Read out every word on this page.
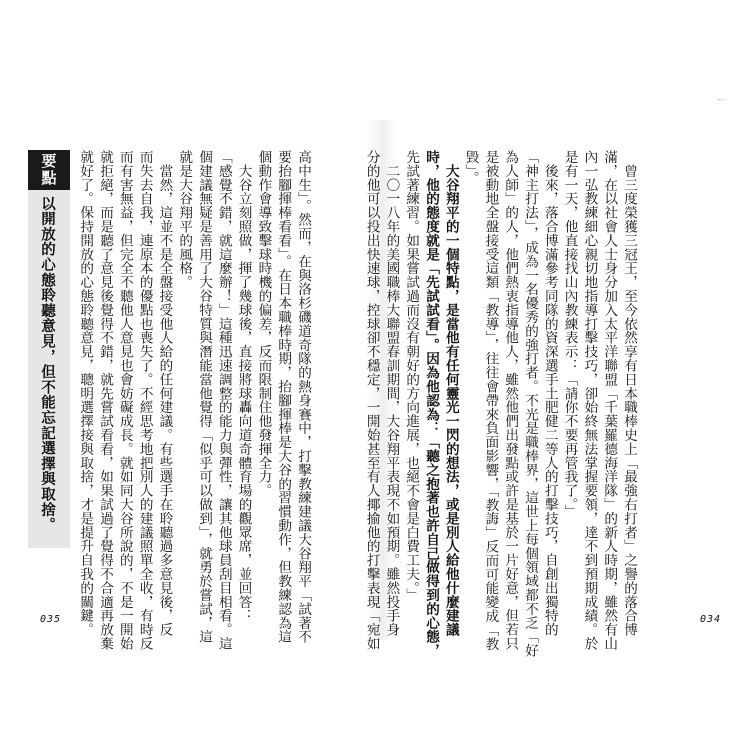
..

　曾三度榮獲三冠王，至今依然享有日本職棒史上「最強右打者」之譽的落合博

滿，在以社會人士身分加入太平洋聯盟「千葉羅德海洋隊」的新人時期，雖然有山

內一弘教練細心親切地指導打擊技巧，卻始終無法掌握要領，達不到預期成績。於

是有一天，他直接找山內教練表示：「請你不要再管我了。」

　後來，落合博滿參考同隊的資深選手土肥健二等人的打擊技巧，自創出獨特的

「神主打法」，成為一名優秀的強打者。不光是職棒界，這世上每個領域都不乏「好

為人師」的人，他們熱衷指導他人，雖然他們出發點或許是基於一片好意，但若只

是被動地全盤接受這類「教導」，往往會帶來負面影響，「教誨」反而可能變成「教

毀」。

　大谷翔平的一個特點，是當他有任何靈光一閃的想法，或是別人給他什麼建議

時，他的態度就是「先試試看」。因為他認為：「聽之抱著也許自己做得到的心態，

先試著練習。如果嘗試過而沒有朝好的方向進展，也絕不會是白費工夫。」

　二〇一八年的美國職棒大聯盟春訓期間，大谷翔平表現不如預期。雖然投手身

分的他可以投出快速球，控球卻不穩定，一開始甚至有人揶揄他的打擊表現「宛如

高中生」。然而，在與洛杉磯道奇隊的熱身賽中，打擊教練建議大谷翔平「試著不

要抬腳揮棒看看」。在日本職棒時期，抬腳揮棒是大谷的習慣動作，但教練認為這

個動作會導致擊球時機的偏差，反而限制住他發揮全力。

　大谷立刻照做，揮了幾球後，直接將球轟向道奇體育場的觀眾席，並回答：

「感覺不錯，就這麼辦！」這種迅速調整的能力與彈性，讓其他球員刮目相看。這

個建議無疑是善用了大谷特質與潛能當他覺得「似乎可以做到」，就勇於嘗試，這

就是大谷翔平的風格。

　當然，這並不是全盤接受他人給的任何建議。有些選手在聆聽過多意見後，反

而失去自我，連原本的優點也喪失了。不經思考地把別人的建議照單全收，有時反

而有害無益，但完全不聽他人意見也會妨礙成長。就如同大谷所說的，不是一開始

就拒絕，而是聽了意見後覺得不錯，就先嘗試看看，如果試過了覺得不合適再放棄

就好了。保持開放的心態聆聽意見，聰明選擇接與取捨，才是提升自我的關鍵。

要點
以開放的心態聆聽意見，但不能忘記選擇與取捨。
035	034
